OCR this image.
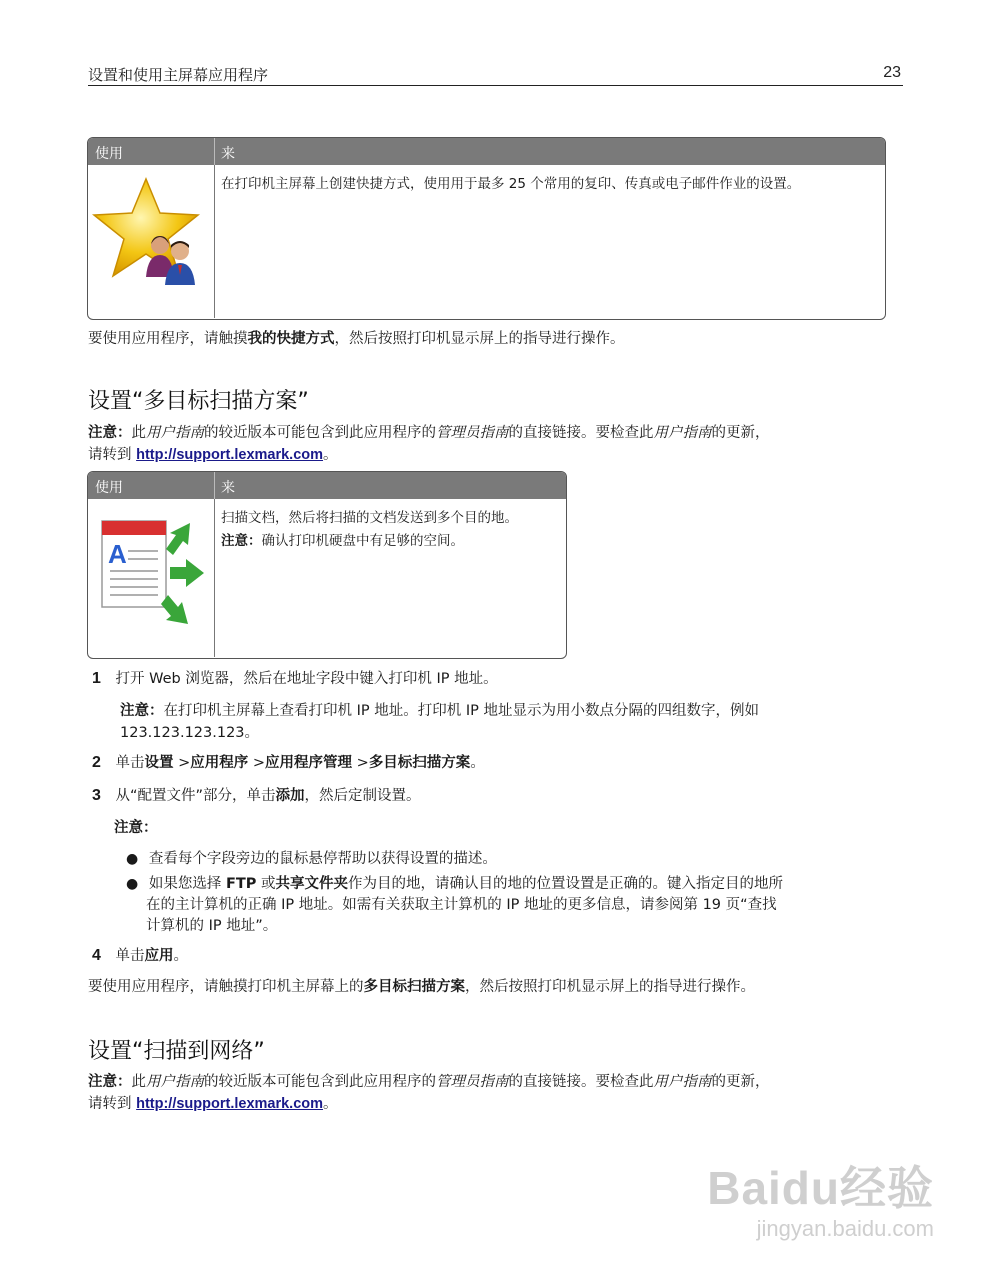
设置和使用主屏幕应用程序	23
使用	来
在打印机主屏幕上创建快捷方式，使用用于最多 25 个常用的复印、传真或电子邮件作业的设置。

要使用应用程序，请触摸我的快捷方式，然后按照打印机显示屏上的指导进行操作。

设置“多目标扫描方案”

注意：此用户指南的较近版本可能包含到此应用程序的管理员指南的直接链接。要检查此用户指南的更新，
请转到 http://support.lexmark.com。

使用	来
A
扫描文档，然后将扫描的文档发送到多个目的地。
注意：确认打印机硬盘中有足够的空间。
1 打开 Web 浏览器，然后在地址字段中键入打印机 IP 地址。

注意：在打印机主屏幕上查看打印机 IP 地址。打印机 IP 地址显示为用小数点分隔的四组数字，例如
123.123.123.123。

2 单击设置 >应用程序 >应用程序管理 >多目标扫描方案。
3 从“配置文件”部分，单击添加，然后定制设置。
注意：
● 查看每个字段旁边的鼠标悬停帮助以获得设置的描述。
● 如果您选择 FTP 或共享文件夹作为目的地，请确认目的地的位置设置是正确的。键入指定目的地所
在的主计算机的正确 IP 地址。如需有关获取主计算机的 IP 地址的更多信息，请参阅第 19 页“查找
计算机的 IP 地址”。
4 单击应用。

要使用应用程序，请触摸打印机主屏幕上的多目标扫描方案，然后按照打印机显示屏上的指导进行操作。

设置“扫描到网络”

注意：此用户指南的较近版本可能包含到此应用程序的管理员指南的直接链接。要检查此用户指南的更新，
请转到 http://support.lexmark.com。

Baidu经验
jingyan.baidu.com
